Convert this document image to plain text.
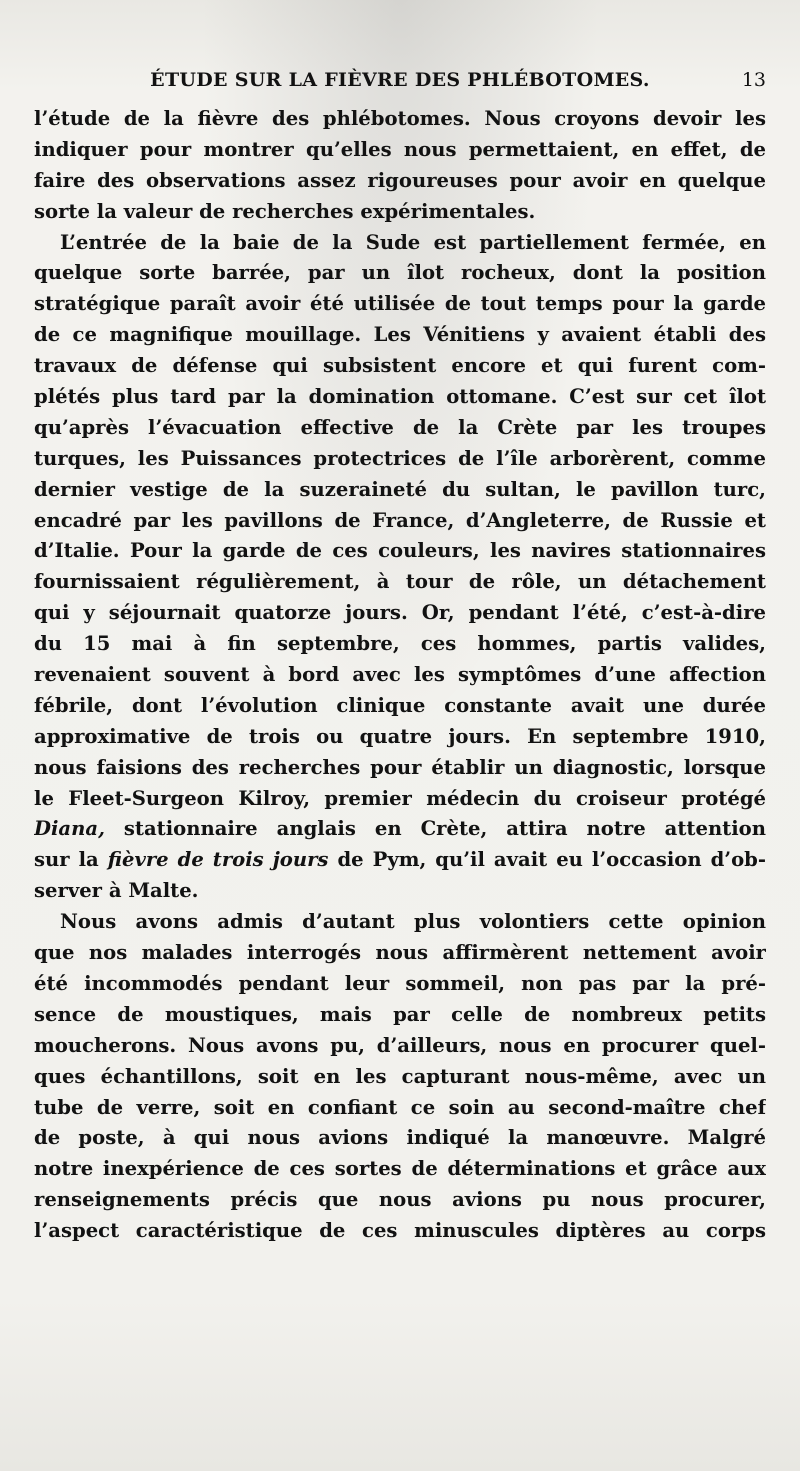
ÉTUDE SUR LA FIÈVRE DES PHLÉBOTOMES.	13
l’étude de la fièvre des phlébotomes. Nous croyons devoir les
indiquer pour montrer qu’elles nous permettaient, en effet, de
faire des observations assez rigoureuses pour avoir en quelque
sorte la valeur de recherches expérimentales.
L’entrée de la baie de la Sude est partiellement fermée, en
quelque sorte barrée, par un îlot rocheux, dont la position
stratégique paraît avoir été utilisée de tout temps pour la garde
de ce magnifique mouillage. Les Vénitiens y avaient établi des
travaux de défense qui subsistent encore et qui furent com-
plétés plus tard par la domination ottomane. C’est sur cet îlot
qu’après l’évacuation effective de la Crète par les troupes
turques, les Puissances protectrices de l’île arborèrent, comme
dernier vestige de la suzeraineté du sultan, le pavillon turc,
encadré par les pavillons de France, d’Angleterre, de Russie et
d’Italie. Pour la garde de ces couleurs, les navires stationnaires
fournissaient régulièrement, à tour de rôle, un détachement
qui y séjournait quatorze jours. Or, pendant l’été, c’est-à-dire
du 15 mai à fin septembre, ces hommes, partis valides,
revenaient souvent à bord avec les symptômes d’une affection
fébrile, dont l’évolution clinique constante avait une durée
approximative de trois ou quatre jours. En septembre 1910,
nous faisions des recherches pour établir un diagnostic, lorsque
le Fleet-Surgeon Kilroy, premier médecin du croiseur protégé
Diana, stationnaire anglais en Crète, attira notre attention
sur la fièvre de trois jours de Pym, qu’il avait eu l’occasion d’ob-
server à Malte.
Nous avons admis d’autant plus volontiers cette opinion
que nos malades interrogés nous affirmèrent nettement avoir
été incommodés pendant leur sommeil, non pas par la pré-
sence de moustiques, mais par celle de nombreux petits
moucherons. Nous avons pu, d’ailleurs, nous en procurer quel-
ques échantillons, soit en les capturant nous-même, avec un
tube de verre, soit en confiant ce soin au second-maître chef
de poste, à qui nous avions indiqué la manœuvre. Malgré
notre inexpérience de ces sortes de déterminations et grâce aux
renseignements précis que nous avions pu nous procurer,
l’aspect caractéristique de ces minuscules diptères au corps
